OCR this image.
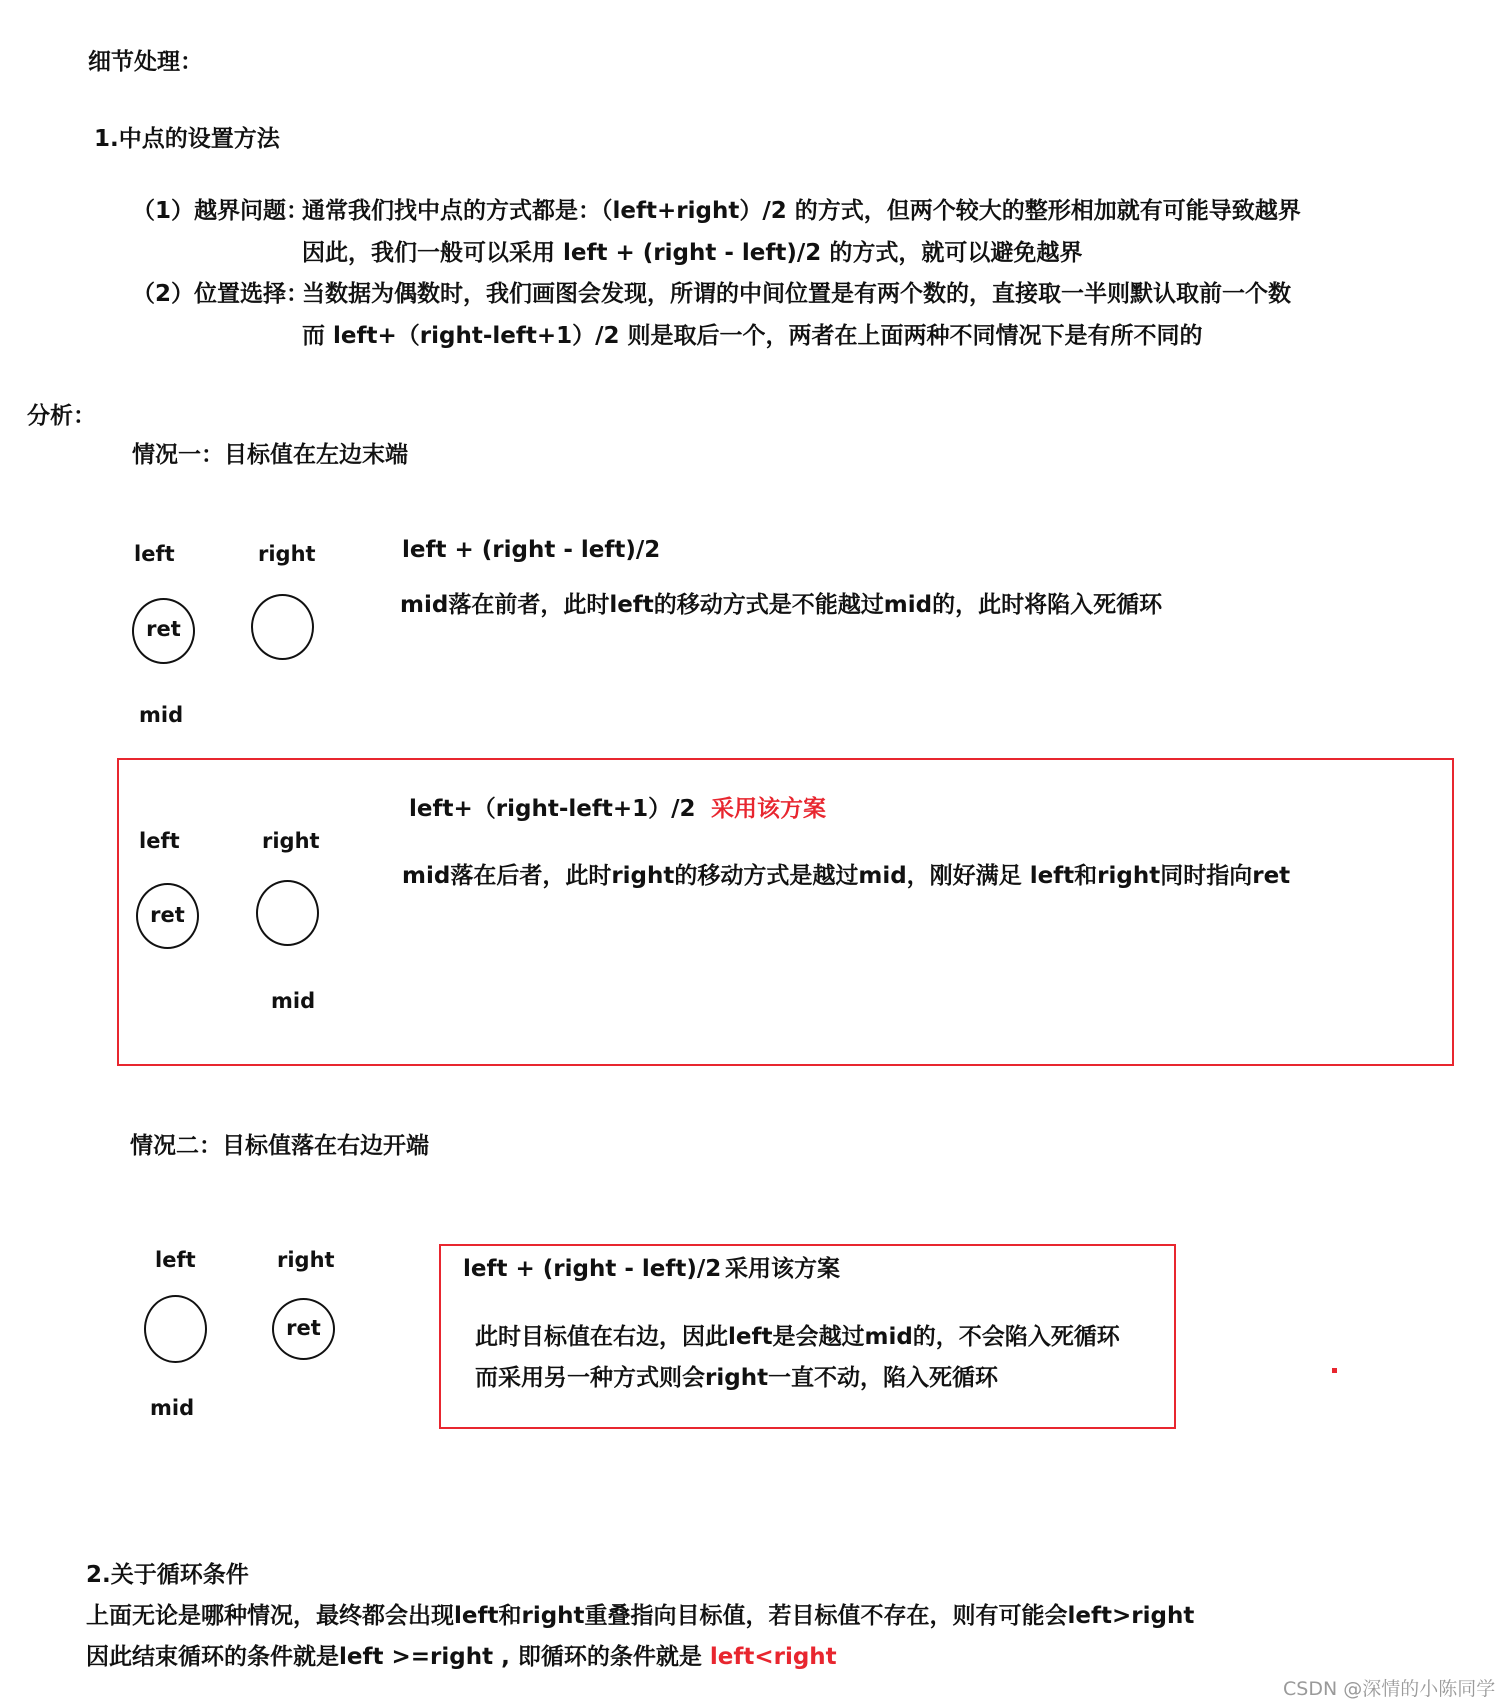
细节处理：
1.中点的设置方法
（1）越界问题：
通常我们找中点的方式都是：（left+right）/2 的方式，但两个较大的整形相加就有可能导致越界
因此，我们一般可以采用 left + (right - left)/2 的方式，就可以避免越界
（2）位置选择：
当数据为偶数时，我们画图会发现，所谓的中间位置是有两个数的，直接取一半则默认取前一个数
而 left+（right-left+1）/2 则是取后一个，两者在上面两种不同情况下是有所不同的
分析：
情况一：目标值在左边末端
left	right
ret
mid
left + (right - left)/2
mid落在前者，此时left的移动方式是不能越过mid的，此时将陷入死循环
left	right
ret
mid
left+（right-left+1）/2 采用该方案
mid落在后者，此时right的移动方式是越过mid，刚好满足 left和right同时指向ret
情况二：目标值落在右边开端
left	right
ret
mid
left + (right - left)/2 采用该方案
此时目标值在右边，因此left是会越过mid的，不会陷入死循环
而采用另一种方式则会right一直不动，陷入死循环
2.关于循环条件
上面无论是哪种情况，最终都会出现left和right重叠指向目标值，若目标值不存在，则有可能会left>right
因此结束循环的条件就是left >=right , 即循环的条件就是 left<right
CSDN @深情的小陈同学
